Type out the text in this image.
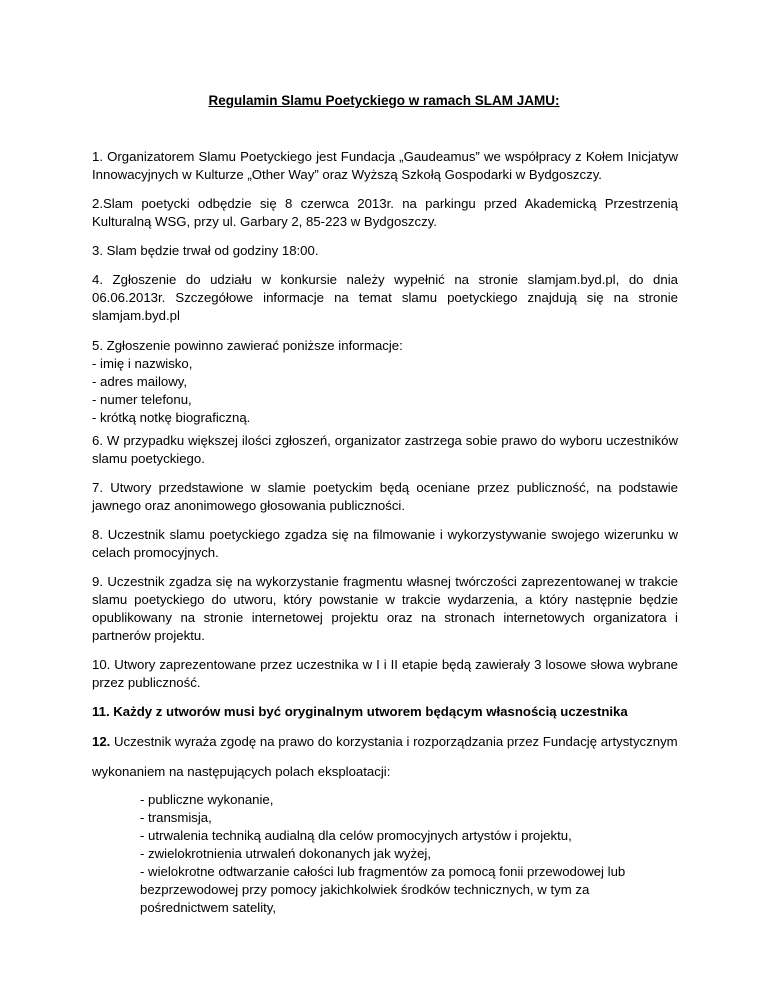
Regulamin Slamu Poetyckiego w ramach SLAM JAMU:
1. Organizatorem Slamu Poetyckiego jest Fundacja „Gaudeamus” we współpracy z Kołem Inicjatyw
Innowacyjnych w Kulturze „Other Way” oraz Wyższą Szkołą Gospodarki w Bydgoszczy.
2.Slam poetycki odbędzie się 8 czerwca 2013r. na parkingu przed Akademicką Przestrzenią
Kulturalną WSG, przy ul. Garbary 2, 85-223 w Bydgoszczy.
3. Slam będzie trwał od godziny 18:00.
4. Zgłoszenie do udziału w konkursie należy wypełnić na stronie slamjam.byd.pl, do dnia
06.06.2013r. Szczegółowe informacje na temat slamu poetyckiego znajdują się na stronie
slamjam.byd.pl
5. Zgłoszenie powinno zawierać poniższe informacje:
- imię i nazwisko,
- adres mailowy,
- numer telefonu,
- krótką notkę biograficzną.
6. W przypadku większej ilości zgłoszeń, organizator zastrzega sobie prawo do wyboru uczestników
slamu poetyckiego.
7. Utwory przedstawione w slamie poetyckim będą oceniane przez publiczność, na podstawie
jawnego oraz anonimowego głosowania publiczności.
8. Uczestnik slamu poetyckiego zgadza się na filmowanie i wykorzystywanie swojego wizerunku w
celach promocyjnych.
9. Uczestnik zgadza się na wykorzystanie fragmentu własnej twórczości zaprezentowanej w trakcie
slamu poetyckiego do utworu, który powstanie w trakcie wydarzenia, a który następnie będzie
opublikowany na stronie internetowej projektu oraz na stronach internetowych organizatora i
partnerów projektu.
10. Utwory zaprezentowane przez uczestnika w I i II etapie będą zawierały 3 losowe słowa wybrane
przez publiczność.
11. Każdy z utworów musi być oryginalnym utworem będącym własnością uczestnika
12. Uczestnik wyraża zgodę na prawo do korzystania i rozporządzania przez Fundację artystycznym
wykonaniem na następujących polach eksploatacji:
- publiczne wykonanie,
- transmisja,
- utrwalenia techniką audialną dla celów promocyjnych artystów i projektu,
- zwielokrotnienia utrwaleń dokonanych jak wyżej,
- wielokrotne odtwarzanie całości lub fragmentów za pomocą fonii przewodowej lub
bezprzewodowej przy pomocy jakichkolwiek środków technicznych, w tym za
pośrednictwem satelity,
